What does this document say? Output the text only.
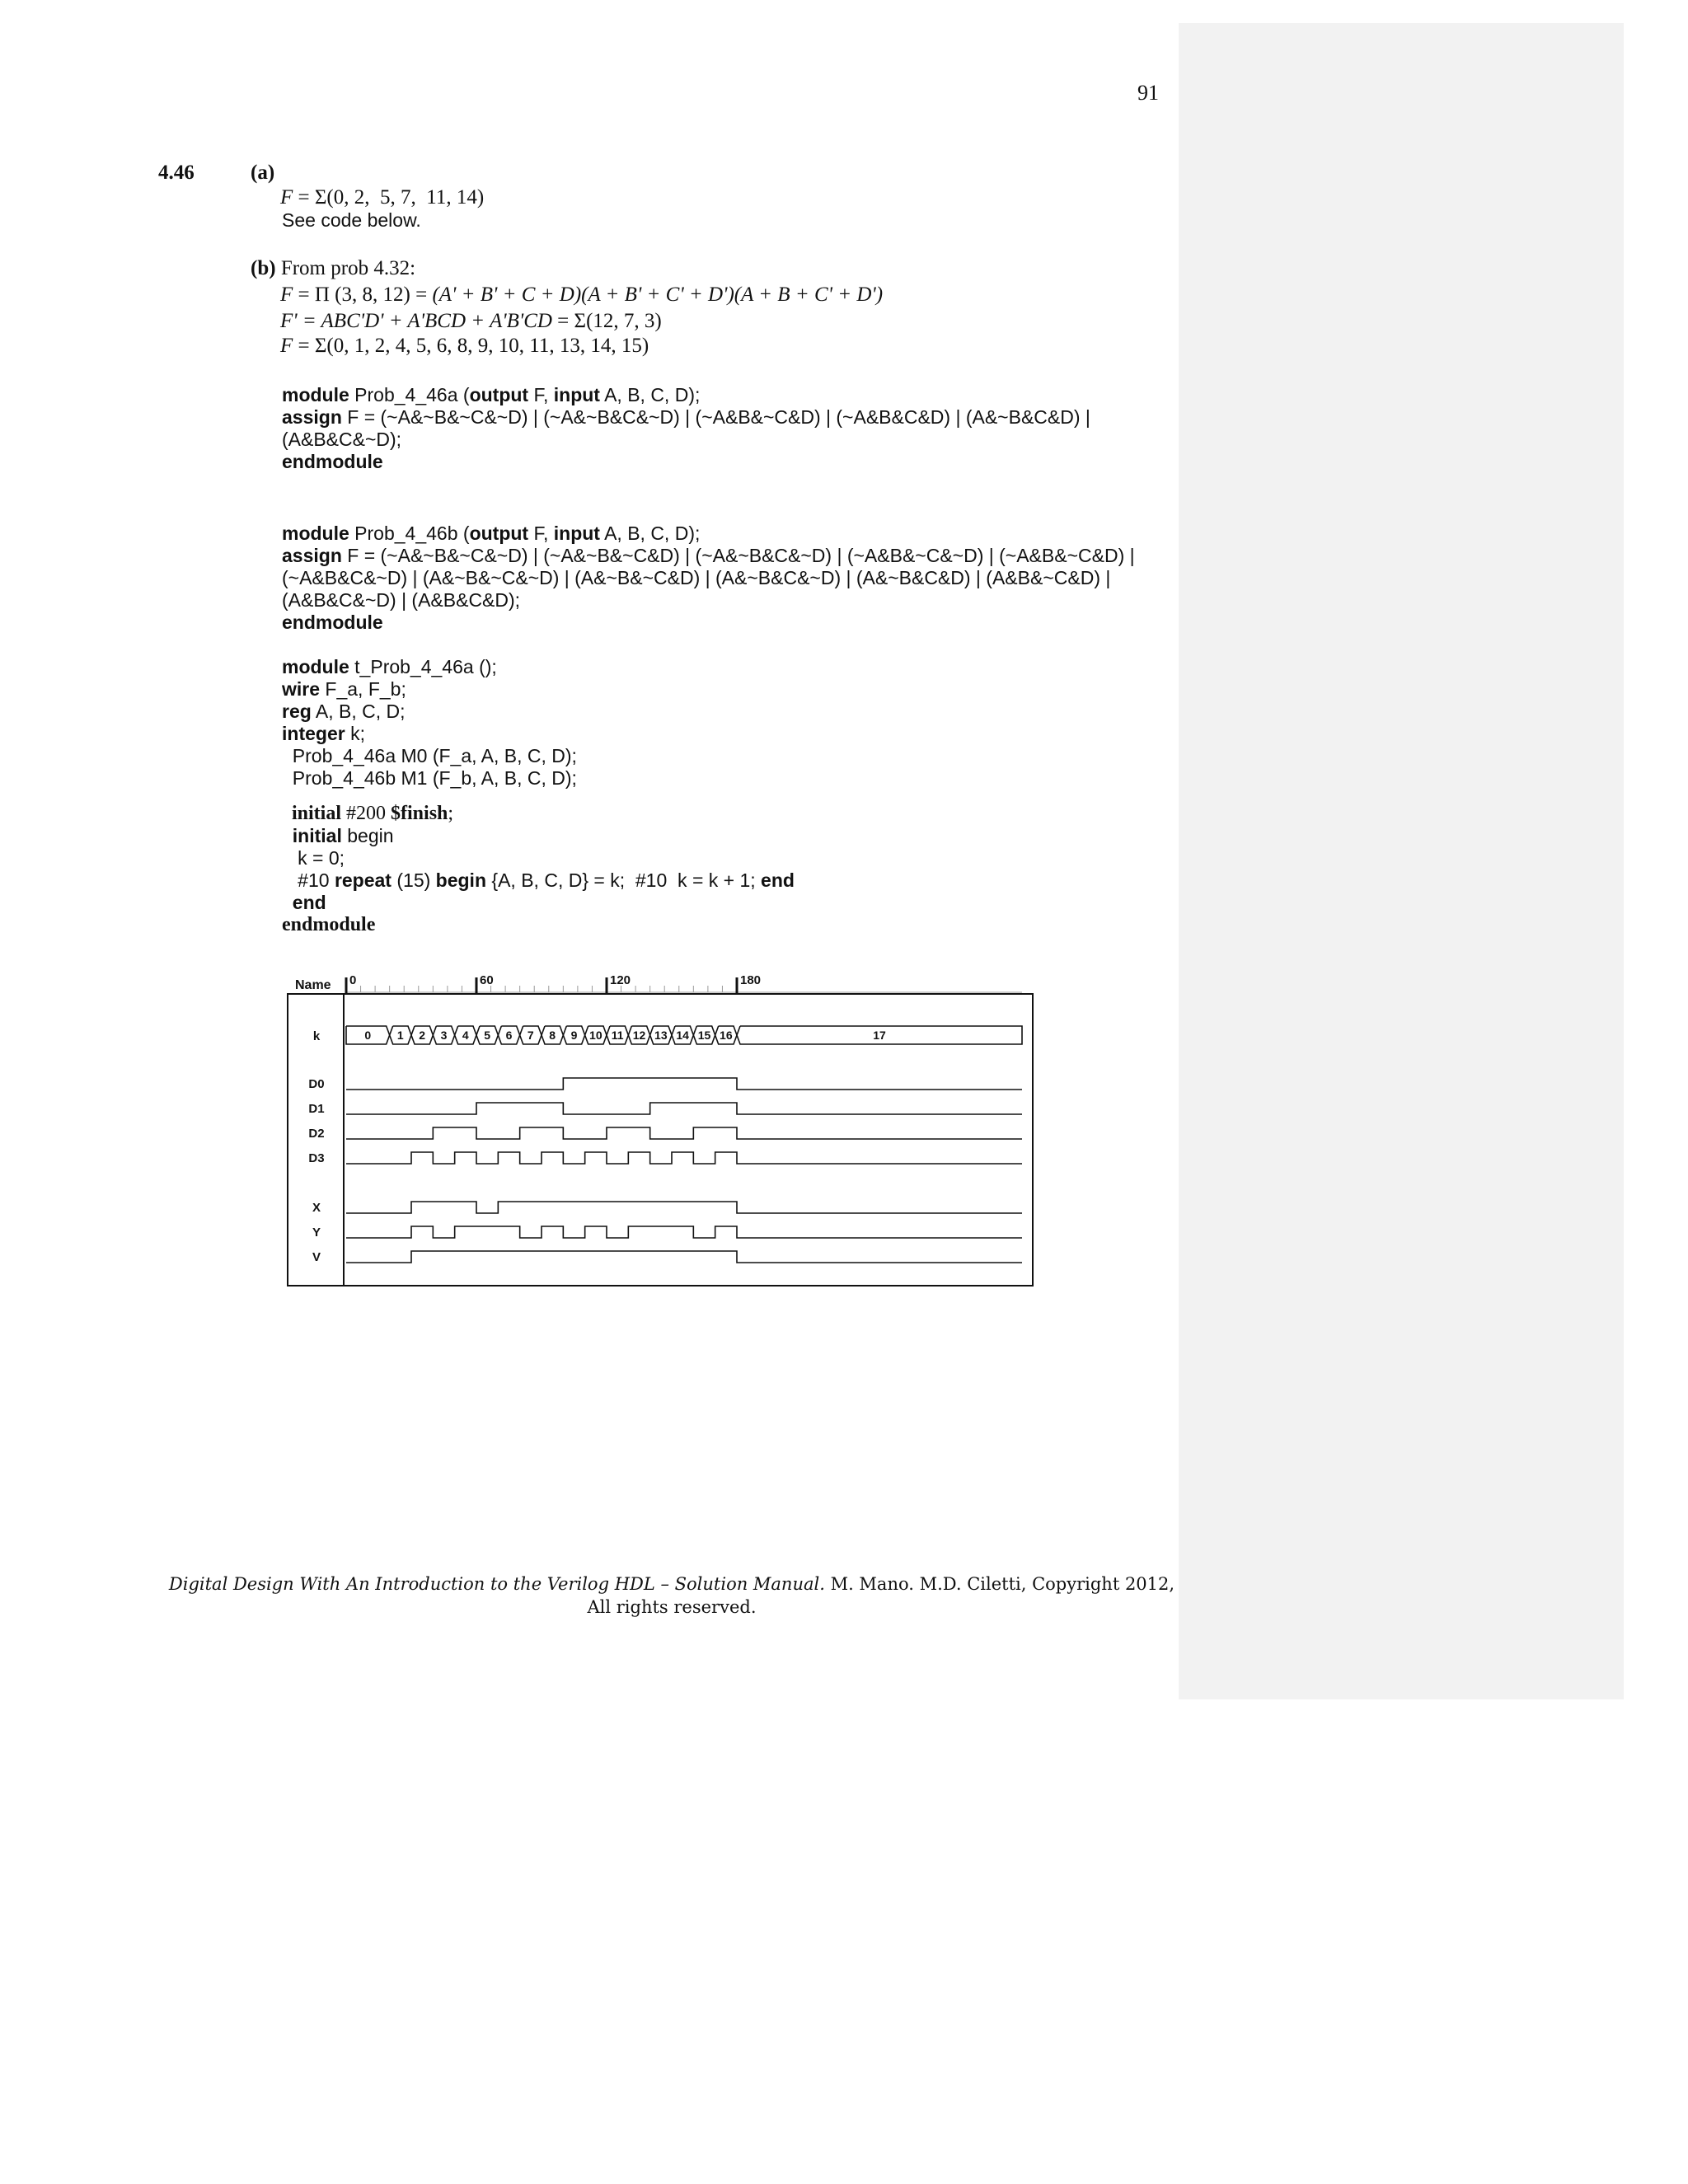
91
4.46	(a)
F = Σ(0, 2,  5, 7,  11, 14)
See code below.
(b) From prob 4.32:
F = Π (3, 8, 12) = (A' + B' + C + D)(A + B' + C' + D')(A + B + C' + D')
F' = ABC'D' + A'BCD + A'B'CD = Σ(12, 7, 3)
F = Σ(0, 1, 2, 4, 5, 6, 8, 9, 10, 11, 13, 14, 15)
module Prob_4_46a (output F, input A, B, C, D);
assign F = (~A&~B&~C&~D) | (~A&~B&C&~D) | (~A&B&~C&D) | (~A&B&C&D) | (A&~B&C&D) |
(A&B&C&~D);
endmodule
module Prob_4_46b (output F, input A, B, C, D);
assign F = (~A&~B&~C&~D) | (~A&~B&~C&D) | (~A&~B&C&~D) | (~A&B&~C&~D) | (~A&B&~C&D) |
(~A&B&C&~D) | (A&~B&~C&~D) | (A&~B&~C&D) | (A&~B&C&~D) | (A&~B&C&D) | (A&B&~C&D) |
(A&B&C&~D) | (A&B&C&D);
endmodule
module t_Prob_4_46a ();
wire F_a, F_b;
reg A, B, C, D;
integer k;
Prob_4_46a M0 (F_a, A, B, C, D);
Prob_4_46b M1 (F_b, A, B, C, D);
initial #200 $finish;
initial begin
k = 0;
#10 repeat (15) begin {A, B, C, D} = k;  #10  k = k + 1; end
end
endmodule
Name 0	60	120	180
k	0 1 2 3 4 5 6 7 8 9 10 11 12 13 14 15 16	17
D0
D1
D2
D3
X
Y
V
Digital Design With An Introduction to the Verilog HDL – Solution Manual. M. Mano. M.D. Ciletti, Copyright 2012,
All rights reserved.
